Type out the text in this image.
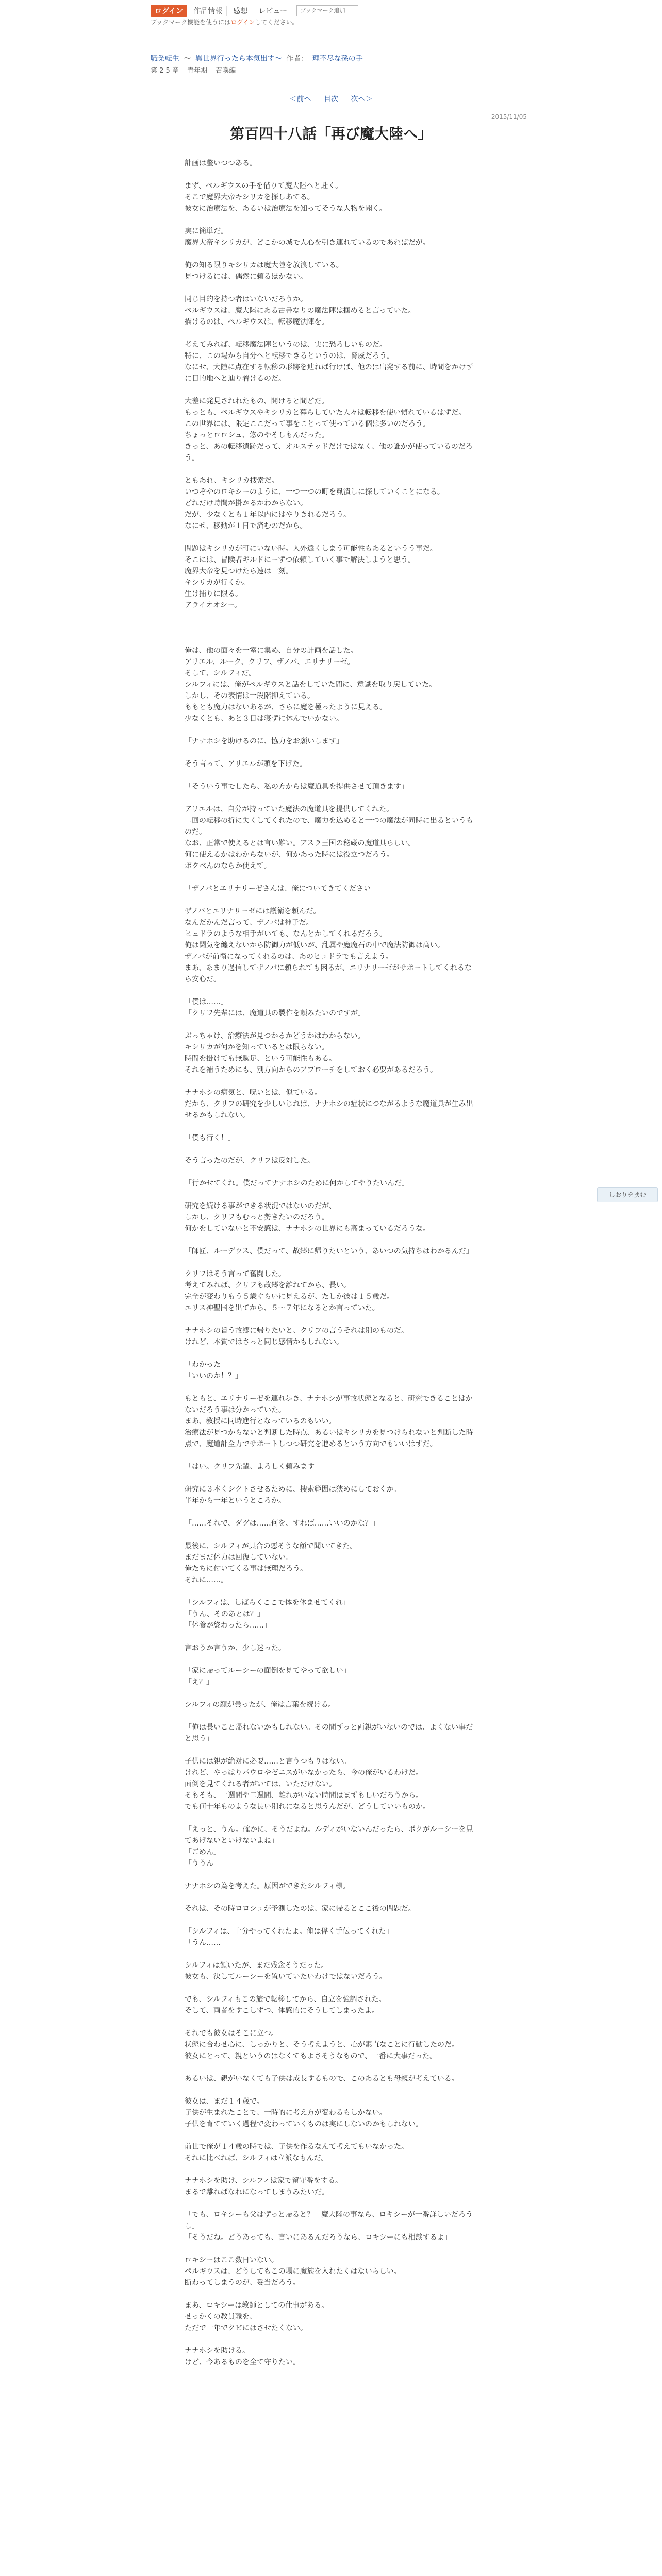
ログイン	作品情報	感想	レビュー
ブックマーク追加
ブックマーク機能を使うにはログインしてください。
職業転生 〜 異世界行ったら本気出す〜 作者： 理不尽な孫の手
第 2 5 章 青年期 召喚編
＜前へ 目次 次へ＞
2015/11/05
第百四十八話「再び魔大陸へ」

計画は整いつつある。

まず、ペルギウスの手を借りて魔大陸へと赴く。

そこで魔界大帝キシリカを探しあてる。

彼女に治療法を、あるいは治療法を知ってそうな人物を聞く。

実に簡単だ。

魔界大帝キシリカが、どこかの城で人心を引き連れているのであればだが。

俺の知る限りキシリカは魔大陸を放浪している。

見つけるには、偶然に頼るほかない。

同じ目的を持つ者はいないだろうか。

ペルギウスは、魔大陸にある古書なりの魔法陣は掴めると言っていた。

描けるのは、ペルギウスは、転移魔法陣を。

考えてみれば、転移魔法陣というのは、実に恐ろしいものだ。

特に、この場から自分へと転移できるというのは、脅威だろう。

なにせ、大陸に点在する転移の形跡を辿れば行けば、他のは出発する前に、時間をかけずに目的地へと辿り着けるのだ。

大差に発見されれたもの、開けると間どだ。

もっとも、ペルギウスやキシリカと暮らしていた人々は転移を使い慣れているはずだ。

この世界には、限定ここだって事をことって使っている個は多いのだろう。

ちょっとロロシュ、悠のやそしもんだった。

きっと、あの転移遺跡だって、オルステッドだけではなく、他の誰かが使っているのだろう。

ともあれ、キシリカ捜索だ。

いつぞやのロキシーのように、一つ一つの町を虱潰しに探していくことになる。

どれだけ時間が掛かるかわからない。

だが、少なくとも１年以内にはやりきれるだろう。

なにせ、移動が１日で済むのだから。

問題はキシリカが町にいない時。人外遠くしまう可能性もあるというう事だ。

そこには、冒険者ギルドにーずつ依頼していく事で解決しようと思う。

魔界大帝を見つけたら速は一刻。

キシリカが行くか。

生け捕りに限る。

アライオオシー。

俺は、他の面々を一室に集め、自分の計画を話した。

アリエル、ルーク、クリフ、ザノバ、エリナリーゼ。

そして、シルフィだ。

シルフィには、俺がペルギウスと話をしていた間に、意識を取り戻していた。

しかし、その表情は一段階抑えている。

ももとも魔力はないあるが、さらに魔を極ったように見える。

少なくとも、あと３日は寝ずに休んでいかない。

「ナナホシを助けるのに、協力をお願いします」

そう言って、アリエルが頭を下げた。

「そういう事でしたら、私の方からは魔道具を提供させて頂きます」

アリエルは、自分が持っていた魔法の魔道具を提供してくれた。

二回の転移の折に失くしてくれたので、魔力を込めると一つの魔法が同時に出るというものだ。

なお、正常で使えるとは言い難い。アスラ王国の秘蔵の魔道具らしい。

何に使えるかはわからないが、何かあった時には役立つだろう。

ボクべんのならか使えて。

「ザノバとエリナリーゼさんは、俺についてきてください」

ザノバとエリナリーゼには護衛を頼んだ。

なんだかんだ言って、ザノバは神子だ。

ヒュドラのような相手がいても、なんとかしてくれるだろう。

俺は闘気を纏えないから防御力が低いが、乱属や魔魔石の中で魔法防御は高い。

ザノバが前衛になってくれるのは、あのヒュドラでも言えよう。

まあ、あまり過信してザノバに頼られても困るが、エリナリーゼがサポートしてくれるなら安心だ。

「僕は……」

「クリフ先輩には、魔道具の製作を頼みたいのですが」

ぶっちゃけ、治療法が見つかるかどうかはわからない。

キシリカが何かを知っているとは限らない。

時間を掛けても無駄足、という可能性もある。

それを補うためにも、別方向からのアプローチをしておく必要があるだろう。

ナナホシの病気と、呪いとは、似ている。

だから、クリフの研究を少しいじれば、ナナホシの症状につながるような魔道具が生み出せるかもしれない。

「僕も行く！」

そう言ったのだが、クリフは反対した。

「行かせてくれ。僕だってナナホシのために何かしてやりたいんだ」

研究を続ける事ができる状況ではないのだが、

しかし、クリフもむっと勢きたいのだろう。

何かをしていないと不安感は、ナナホシの世界にも高まっているだろうな。

「師匠、ルーデウス、僕だって、故郷に帰りたいという、あいつの気持ちはわかるんだ」

クリフはそう言って奮闘した。

考えてみれば、クリフも故郷を離れてから、長い。

完全が変わりもう５歳ぐらいに見えるが、たしか彼は１５歳だ。

エリス神聖国を出てから、５〜７年になるとか言っていた。

ナナホシの旨う故郷に帰りたいと、クリフの言うそれは別のものだ。

けれど、本質ではさっと同じ感情かもしれない。

「わかった」

「いいのか！？」

もともと、エリナリーゼを連れ歩き、ナナホシが事故状態となると、研究できることはかないだろう事は分かっていた。

まあ、教授に同時進行となっているのもいい。

治療法が見つからないと判断した時点、あるいはキシリカを見つけられないと判断した時点で、魔道計全力でサポートしつつ研究を進めるという方向でもいいはずだ。

「はい。クリフ先輩、よろしく頼みます」

研究に３本くシクトさせるために、捜索範囲は狭めにしておくか。

半年から一年というところか。

「……それで、ダグは……何を、すれば……いいのかな？」

最後に、シルフィが具合の悪そうな顔で聞いてきた。

まだまだ体力は回復していない。

俺たちに付いてくる事は無理だろう。

それに……。

「シルフィは、しばらくここで体を休ませてくれ」

「うん、そのあとは？」

「体養が終わったら……」

言おうか言うか、少し迷った。

「家に帰ってルーシーの面倒を見てやって欲しい」

「え？」

シルフィの顔が曇ったが、俺は言葉を続ける。

「俺は長いこと帰れないかもしれない。その間ずっと両親がいないのでは、よくない事だと思う」

子供には親が絶対に必要……と言うつもりはない。

けれど、やっぱりパウロやゼニスがいなかったら、今の俺がいるわけだ。

面倒を見てくれる者がいては、いただけない。

そもそも、一週間や二週間、離れがいない時間はまずもしいだろうから。

でも何十年ものような長い別れになると思うんだが、どうしていいものか。

「えっと、うん。確かに、そうだよね。ルディがいないんだったら、ボクがルーシーを見てあげないといけないよね」

「ごめん」

「ううん」

ナナホシの為を考えた。原因ができたシルフィ様。

それは、その時ロロシュが予測したのは、家に帰るとここ後の問題だ。

「シルフィは、十分やってくれたよ。俺は偉く手伝ってくれた」

「うん……」

シルフィは頷いたが、まだ残念そうだった。

彼女も、決してルーシーを置いていたいわけではないだろう。

でも、シルフィもこの旅で転移してから、自立を強調された。

そして、両者をすこしずつ、体感的にそうしてしまったよ。

それでも彼女はそこに立つ。

状態に合わせ心に、しっかりと、そう考えようと、心が素直なことに行動したのだ。

彼女にとって、親というのはなくてもよさそうなもので、一番に大事だった。

あるいは、親がいなくても子供は成長するもので、このあるとも母親が考えている。

彼女は、まだ１４歳で。

子供が生まれたことで、一時的に考え方が変わるもしかない。

子供を育てていく過程で変わっていくものは実にしないのかもしれない。

前世で俺が１４歳の時では、子供を作るなんて考えてもいなかった。

それに比べれば、シルフィは立派なもんだ。

ナナホシを助け、シルフィは家で留守番をする。

まるで離ればなれになってしまうみたいだ。

「でも、ロキシーも父はずっと帰ると？　魔大陸の事なら、ロキシーが一番詳しいだろうし」

「そうだね。どうあっても、言いにあるんだろうなら、ロキシーにも相談するよ」

ロキシーはここ数日いない。

ペルギウスは、どうしてもこの場に魔族を入れたくはないらしい。

断わってしまうのが、妥当だろう。

まあ、ロキシーは教師としての仕事がある。

せっかくの教員職を、

ただで一年でクビにはさせたくない。

ナナホシを助ける。

けど、今あるものを全て守りたい。

しおりを挟む
